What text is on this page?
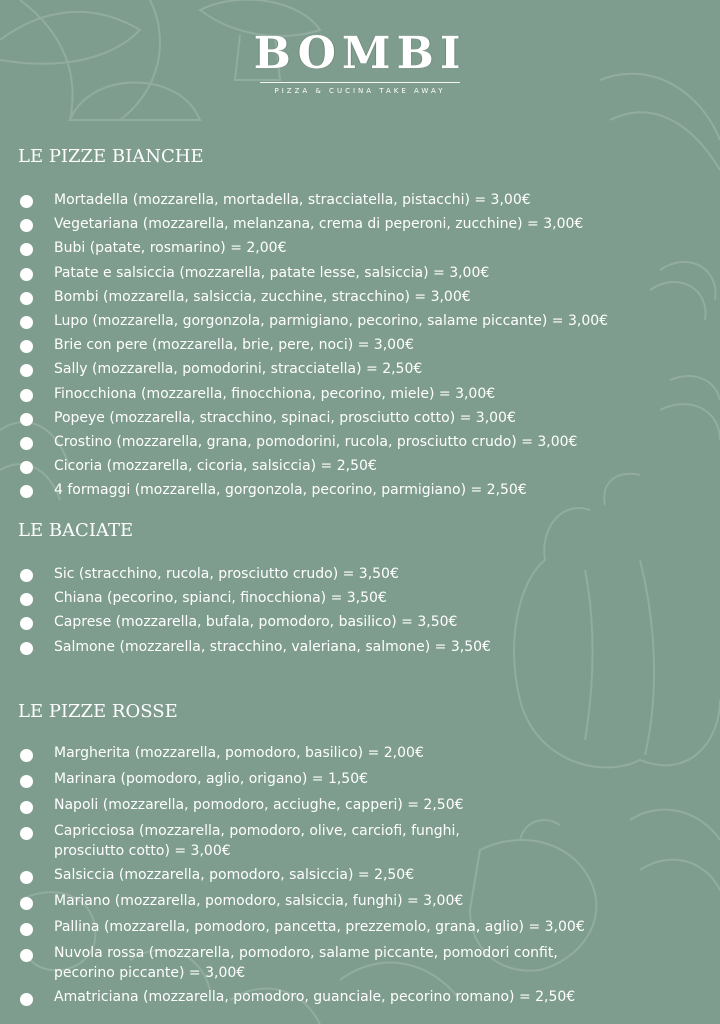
BOMBI
PIZZA & CUCINA TAKE AWAY
LE PIZZE BIANCHE
Mortadella (mozzarella, mortadella, stracciatella, pistacchi) = 3,00€
Vegetariana (mozzarella, melanzana, crema di peperoni, zucchine) = 3,00€
Bubi (patate, rosmarino) = 2,00€
Patate e salsiccia (mozzarella, patate lesse, salsiccia) = 3,00€
Bombi (mozzarella, salsiccia, zucchine, stracchino) = 3,00€
Lupo (mozzarella, gorgonzola, parmigiano, pecorino, salame piccante) = 3,00€
Brie con pere (mozzarella, brie, pere, noci) = 3,00€
Sally (mozzarella, pomodorini, stracciatella) = 2,50€
Finocchiona (mozzarella, finocchiona, pecorino, miele) = 3,00€
Popeye (mozzarella, stracchino, spinaci, prosciutto cotto) = 3,00€
Crostino (mozzarella, grana, pomodorini, rucola, prosciutto crudo) = 3,00€
Cicoria (mozzarella, cicoria, salsiccia) = 2,50€
4 formaggi (mozzarella, gorgonzola, pecorino, parmigiano) = 2,50€
LE BACIATE
Sic (stracchino, rucola, prosciutto crudo) = 3,50€
Chiana (pecorino, spianci, finocchiona) = 3,50€
Caprese (mozzarella, bufala, pomodoro, basilico) = 3,50€
Salmone (mozzarella, stracchino, valeriana, salmone) = 3,50€
LE PIZZE ROSSE
Margherita (mozzarella, pomodoro, basilico) = 2,00€
Marinara (pomodoro, aglio, origano) = 1,50€
Napoli (mozzarella, pomodoro, acciughe, capperi) = 2,50€
Capricciosa (mozzarella, pomodoro, olive, carciofi, funghi,
prosciutto cotto) = 3,00€
Salsiccia (mozzarella, pomodoro, salsiccia) = 2,50€
Mariano (mozzarella, pomodoro, salsiccia, funghi) = 3,00€
Pallina (mozzarella, pomodoro, pancetta, prezzemolo, grana, aglio) = 3,00€
Nuvola rossa (mozzarella, pomodoro, salame piccante, pomodori confit,
pecorino piccante) = 3,00€
Amatriciana (mozzarella, pomodoro, guanciale, pecorino romano) = 2,50€
